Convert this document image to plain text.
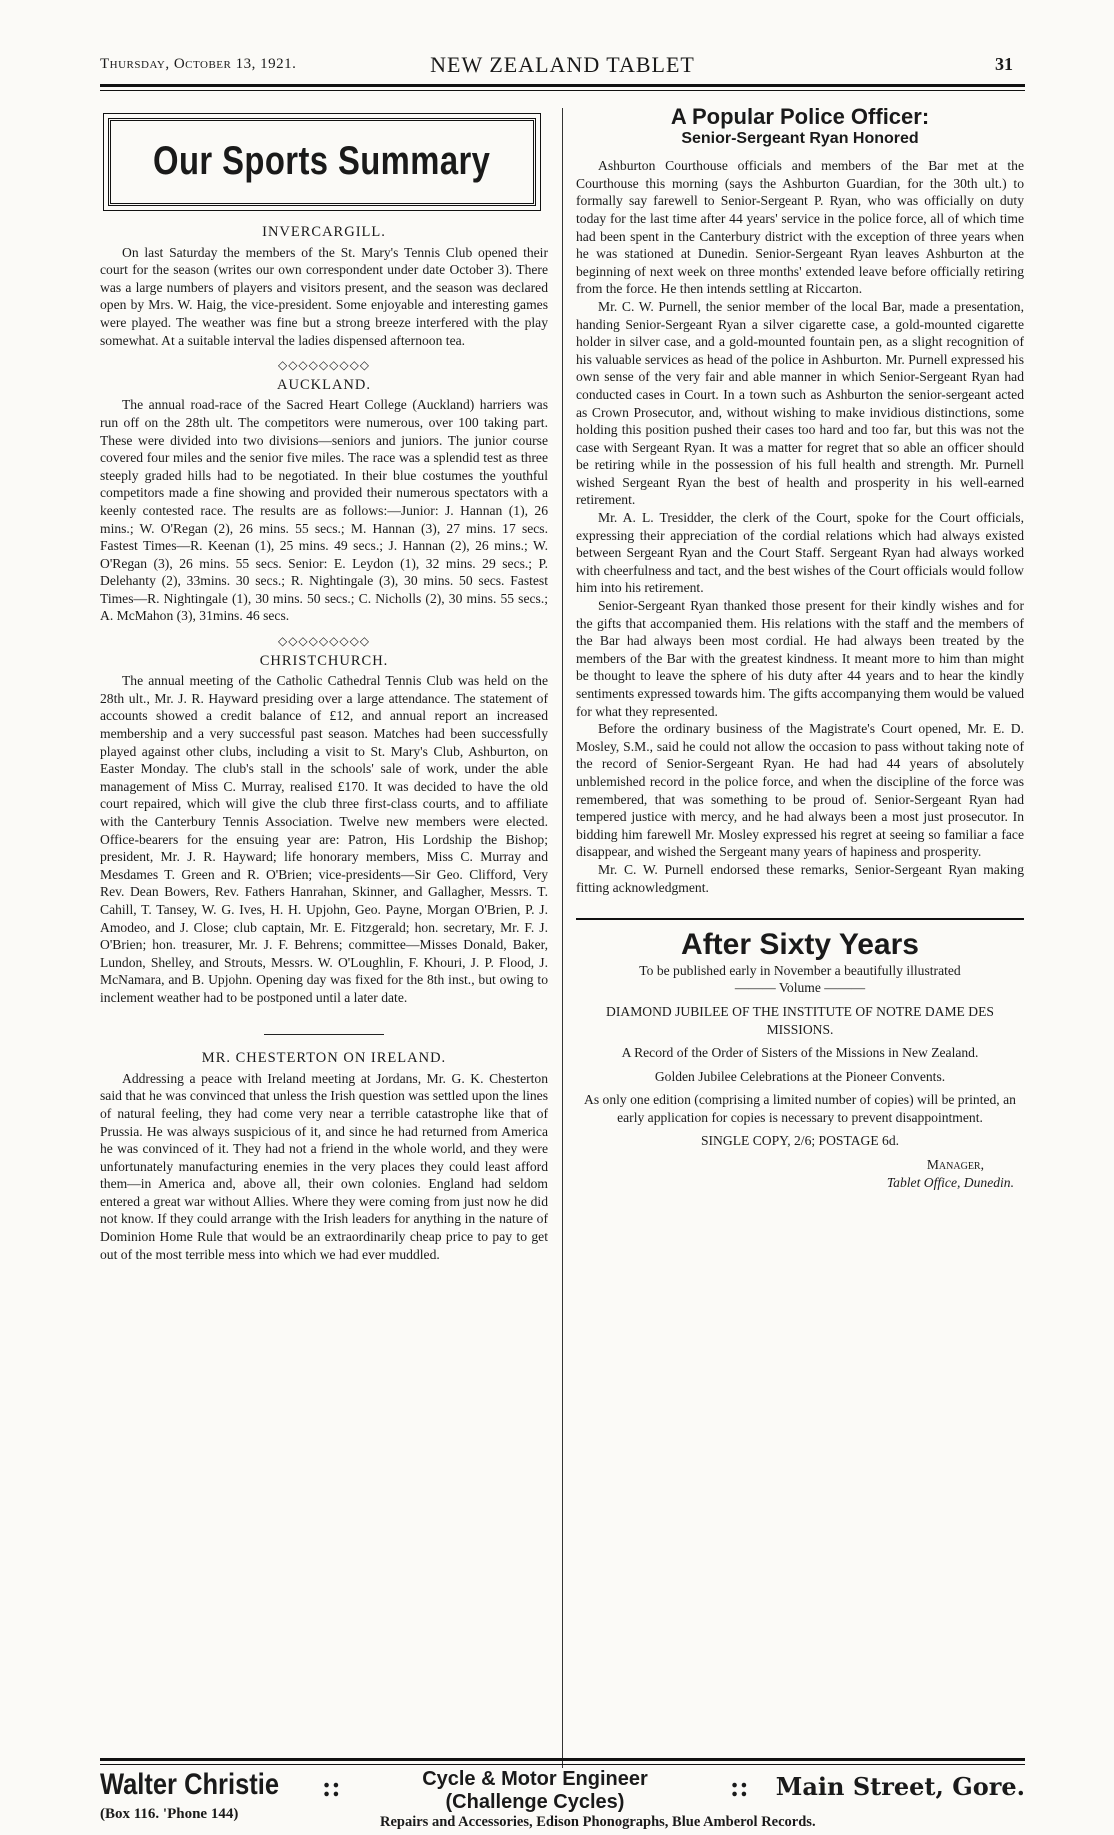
Thursday, October 13, 1921.	NEW ZEALAND TABLET	31
Our Sports Summary
INVERCARGILL.

On last Saturday the members of the St. Mary's Tennis Club opened their court for the season (writes our own correspondent under date October 3). There was a large numbers of players and visitors present, and the season was declared open by Mrs. W. Haig, the vice-president. Some enjoyable and interesting games were played. The weather was fine but a strong breeze interfered with the play somewhat. At a suitable interval the ladies dispensed afternoon tea.

◇◇◇◇◇◇◇◇◇
AUCKLAND.

The annual road-race of the Sacred Heart College (Auckland) harriers was run off on the 28th ult. The competitors were numerous, over 100 taking part. These were divided into two divisions—seniors and juniors. The junior course covered four miles and the senior five miles. The race was a splendid test as three steeply graded hills had to be negotiated. In their blue costumes the youthful competitors made a fine showing and provided their numerous spectators with a keenly contested race. The results are as follows:—Junior: J. Hannan (1), 26 mins.; W. O'Regan (2), 26 mins. 55 secs.; M. Hannan (3), 27 mins. 17 secs. Fastest Times—R. Keenan (1), 25 mins. 49 secs.; J. Hannan (2), 26 mins.; W. O'Regan (3), 26 mins. 55 secs. Senior: E. Leydon (1), 32 mins. 29 secs.; P. Delehanty (2), 33mins. 30 secs.; R. Nightingale (3), 30 mins. 50 secs. Fastest Times—R. Nightingale (1), 30 mins. 50 secs.; C. Nicholls (2), 30 mins. 55 secs.; A. McMahon (3), 31mins. 46 secs.

◇◇◇◇◇◇◇◇◇
CHRISTCHURCH.

The annual meeting of the Catholic Cathedral Tennis Club was held on the 28th ult., Mr. J. R. Hayward presiding over a large attendance. The statement of accounts showed a credit balance of £12, and annual report an increased membership and a very successful past season. Matches had been successfully played against other clubs, including a visit to St. Mary's Club, Ashburton, on Easter Monday. The club's stall in the schools' sale of work, under the able management of Miss C. Murray, realised £170. It was decided to have the old court repaired, which will give the club three first-class courts, and to affiliate with the Canterbury Tennis Association. Twelve new members were elected. Office-bearers for the ensuing year are: Patron, His Lordship the Bishop; president, Mr. J. R. Hayward; life honorary members, Miss C. Murray and Mesdames T. Green and R. O'Brien; vice-presidents—Sir Geo. Clifford, Very Rev. Dean Bowers, Rev. Fathers Hanrahan, Skinner, and Gallagher, Messrs. T. Cahill, T. Tansey, W. G. Ives, H. H. Upjohn, Geo. Payne, Morgan O'Brien, P. J. Amodeo, and J. Close; club captain, Mr. E. Fitzgerald; hon. secretary, Mr. F. J. O'Brien; hon. treasurer, Mr. J. F. Behrens; committee—Misses Donald, Baker, Lundon, Shelley, and Strouts, Messrs. W. O'Loughlin, F. Khouri, J. P. Flood, J. McNamara, and B. Upjohn. Opening day was fixed for the 8th inst., but owing to inclement weather had to be postponed until a later date.

MR. CHESTERTON ON IRELAND.

Addressing a peace with Ireland meeting at Jordans, Mr. G. K. Chesterton said that he was convinced that unless the Irish question was settled upon the lines of natural feeling, they had come very near a terrible catastrophe like that of Prussia. He was always suspicious of it, and since he had returned from America he was convinced of it. They had not a friend in the whole world, and they were unfortunately manufacturing enemies in the very places they could least afford them—in America and, above all, their own colonies. England had seldom entered a great war without Allies. Where they were coming from just now he did not know. If they could arrange with the Irish leaders for anything in the nature of Dominion Home Rule that would be an extraordinarily cheap price to pay to get out of the most terrible mess into which we had ever muddled.

A Popular Police Officer:
Senior-Sergeant Ryan Honored

Ashburton Courthouse officials and members of the Bar met at the Courthouse this morning (says the Ashburton Guardian, for the 30th ult.) to formally say farewell to Senior-Sergeant P. Ryan, who was officially on duty today for the last time after 44 years' service in the police force, all of which time had been spent in the Canterbury district with the exception of three years when he was stationed at Dunedin. Senior-Sergeant Ryan leaves Ashburton at the beginning of next week on three months' extended leave before officially retiring from the force. He then intends settling at Riccarton.

Mr. C. W. Purnell, the senior member of the local Bar, made a presentation, handing Senior-Sergeant Ryan a silver cigarette case, a gold-mounted cigarette holder in silver case, and a gold-mounted fountain pen, as a slight recognition of his valuable services as head of the police in Ashburton. Mr. Purnell expressed his own sense of the very fair and able manner in which Senior-Sergeant Ryan had conducted cases in Court. In a town such as Ashburton the senior-sergeant acted as Crown Prosecutor, and, without wishing to make invidious distinctions, some holding this position pushed their cases too hard and too far, but this was not the case with Sergeant Ryan. It was a matter for regret that so able an officer should be retiring while in the possession of his full health and strength. Mr. Purnell wished Sergeant Ryan the best of health and prosperity in his well-earned retirement.

Mr. A. L. Tresidder, the clerk of the Court, spoke for the Court officials, expressing their appreciation of the cordial relations which had always existed between Sergeant Ryan and the Court Staff. Sergeant Ryan had always worked with cheerfulness and tact, and the best wishes of the Court officials would follow him into his retirement.

Senior-Sergeant Ryan thanked those present for their kindly wishes and for the gifts that accompanied them. His relations with the staff and the members of the Bar had always been most cordial. He had always been treated by the members of the Bar with the greatest kindness. It meant more to him than might be thought to leave the sphere of his duty after 44 years and to hear the kindly sentiments expressed towards him. The gifts accompanying them would be valued for what they represented.

Before the ordinary business of the Magistrate's Court opened, Mr. E. D. Mosley, S.M., said he could not allow the occasion to pass without taking note of the record of Senior-Sergeant Ryan. He had had 44 years of absolutely unblemished record in the police force, and when the discipline of the force was remembered, that was something to be proud of. Senior-Sergeant Ryan had tempered justice with mercy, and he had always been a most just prosecutor. In bidding him farewell Mr. Mosley expressed his regret at seeing so familiar a face disappear, and wished the Sergeant many years of hapiness and prosperity.

Mr. C. W. Purnell endorsed these remarks, Senior-Sergeant Ryan making fitting acknowledgment.

After Sixty Years

To be published early in November a beautifully illustrated

——— Volume ———

DIAMOND JUBILEE OF THE INSTITUTE OF NOTRE DAME DES MISSIONS.

A Record of the Order of Sisters of the Missions in New Zealand.

Golden Jubilee Celebrations at the Pioneer Convents.

As only one edition (comprising a limited number of copies) will be printed, an early application for copies is necessary to prevent disappointment.

SINGLE COPY, 2/6; POSTAGE 6d.

Manager,

Tablet Office, Dunedin.

Walter Christie
(Box 116. 'Phone 144)
::	Cycle & Motor Engineer
(Challenge Cycles)
Repairs and Accessories, Edison Phonographs, Blue Amberol Records.
:: Main Street, Gore.
